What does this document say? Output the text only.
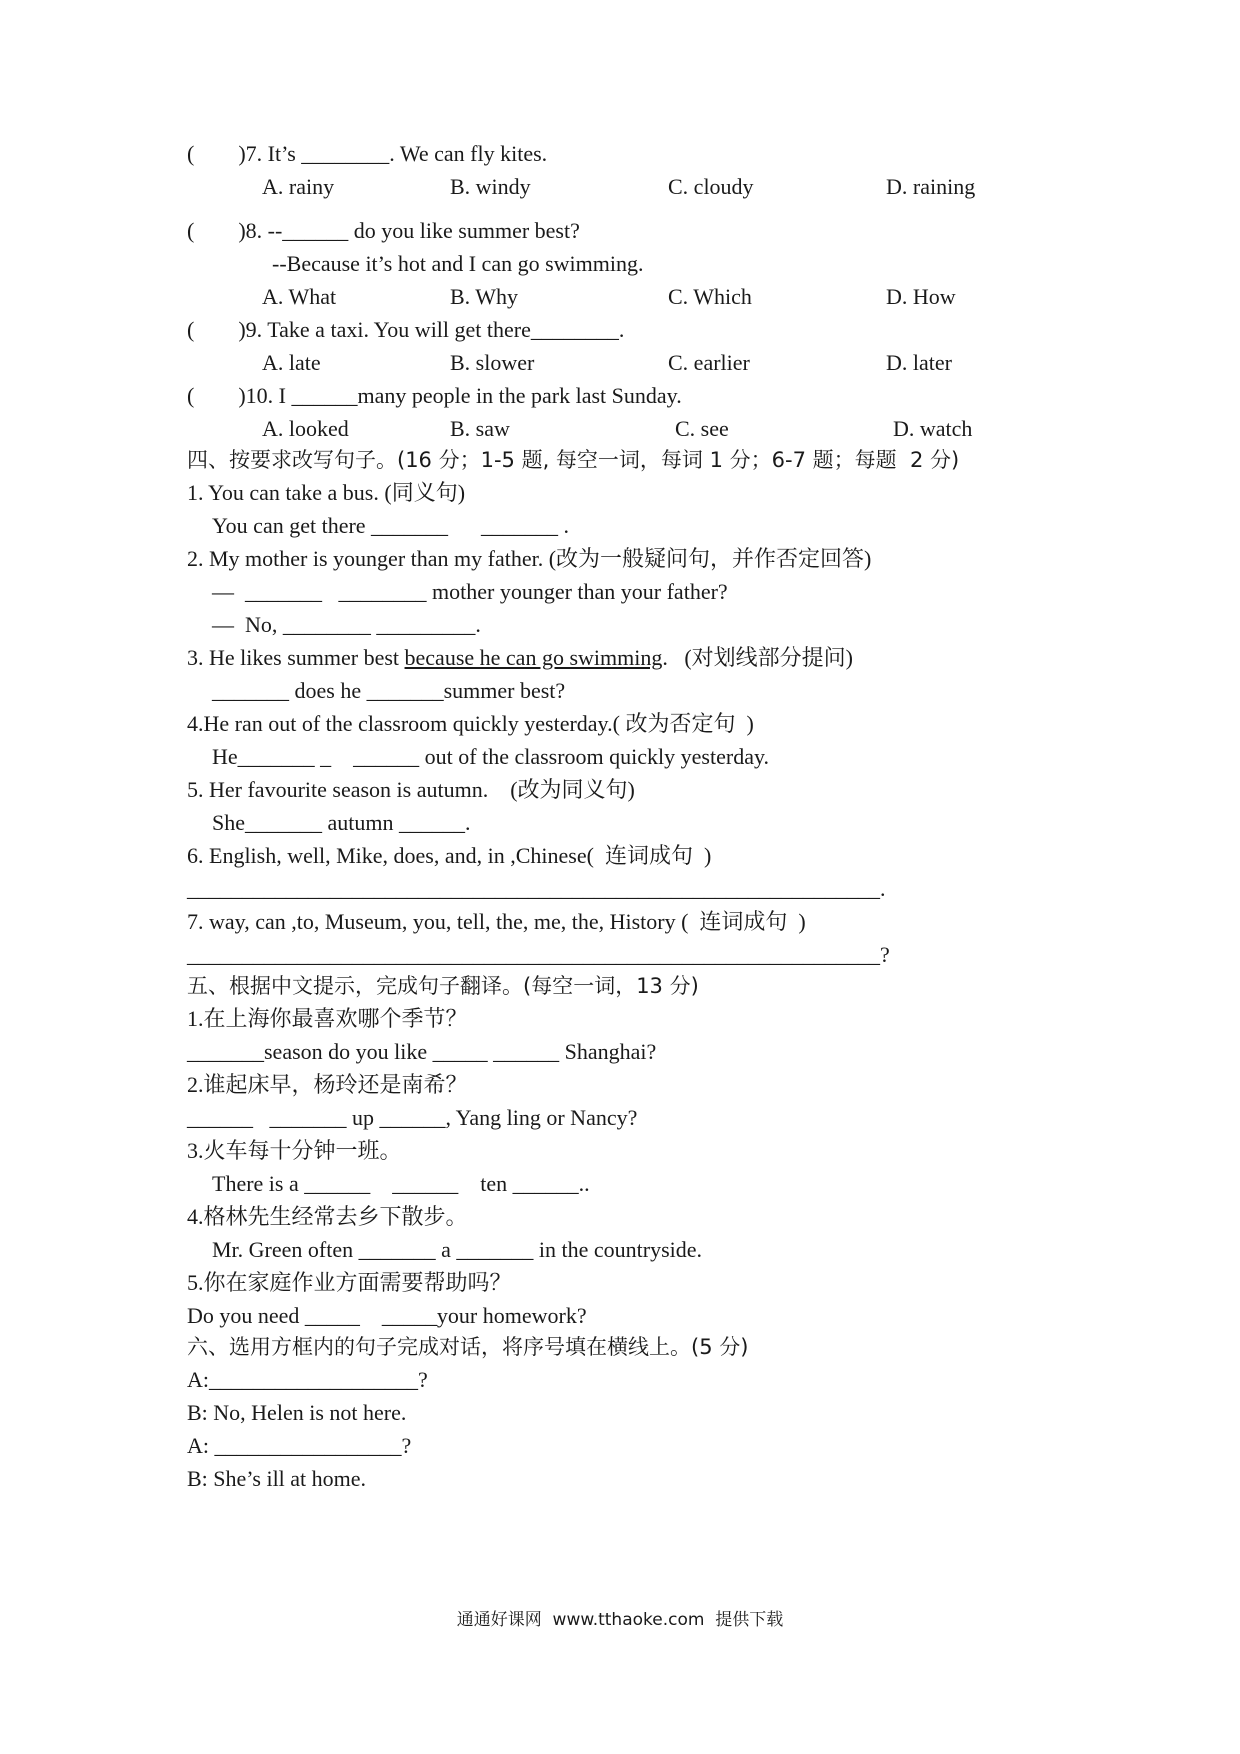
(        )7. It’s ________. We can fly kites.
A. rainy	B. windy	C. cloudy	D. raining
(        )8. --______ do you like summer best?
--Because it’s hot and I can go swimming.
A. What	B. Why	C. Which	D. How
(        )9. Take a taxi. You will get there________.
A. late	B. slower	C. earlier	D. later
(        )10. I ______many people in the park last Sunday.
A. looked	B. saw	C. see	D. watch
四、按要求改写句子。(16 分；1-5 题, 每空一词，每词 1 分；6-7 题；每题  2 分)
1. You can take a bus. (同义句)
You can get there _______      _______ .
2. My mother is younger than my father. (改为一般疑问句，并作否定回答)
—  _______   ________ mother younger than your father?
—  No, ________ _________.
3. He likes summer best because he can go swimming.   (对划线部分提问)
_______ does he _______summer best?
4.He ran out of the classroom quickly yesterday.( 改为否定句  )
He_______ _    ______ out of the classroom quickly yesterday.
5. Her favourite season is autumn.    (改为同义句)
She_______ autumn ______.
6. English, well, Mike, does, and, in ,Chinese(  连词成句  )
_______________________________________________________________.
7. way, can ,to, Museum, you, tell, the, me, the, History (  连词成句  )
_______________________________________________________________?
五、根据中文提示，完成句子翻译。(每空一词，13 分)
1.在上海你最喜欢哪个季节？
_______season do you like _____ ______ Shanghai?
2.谁起床早，杨玲还是南希？
______   _______ up ______, Yang ling or Nancy?
3.火车每十分钟一班。
There is a ______    ______    ten ______..
4.格林先生经常去乡下散步。
Mr. Green often _______ a _______ in the countryside.
5.你在家庭作业方面需要帮助吗？
Do you need _____    _____your homework?
六、选用方框内的句子完成对话，将序号填在横线上。(5 分)
A:___________________?
B: No, Helen is not here.
A: _________________?
B: She’s ill at home.
通通好课网  www.tthaoke.com  提供下载
